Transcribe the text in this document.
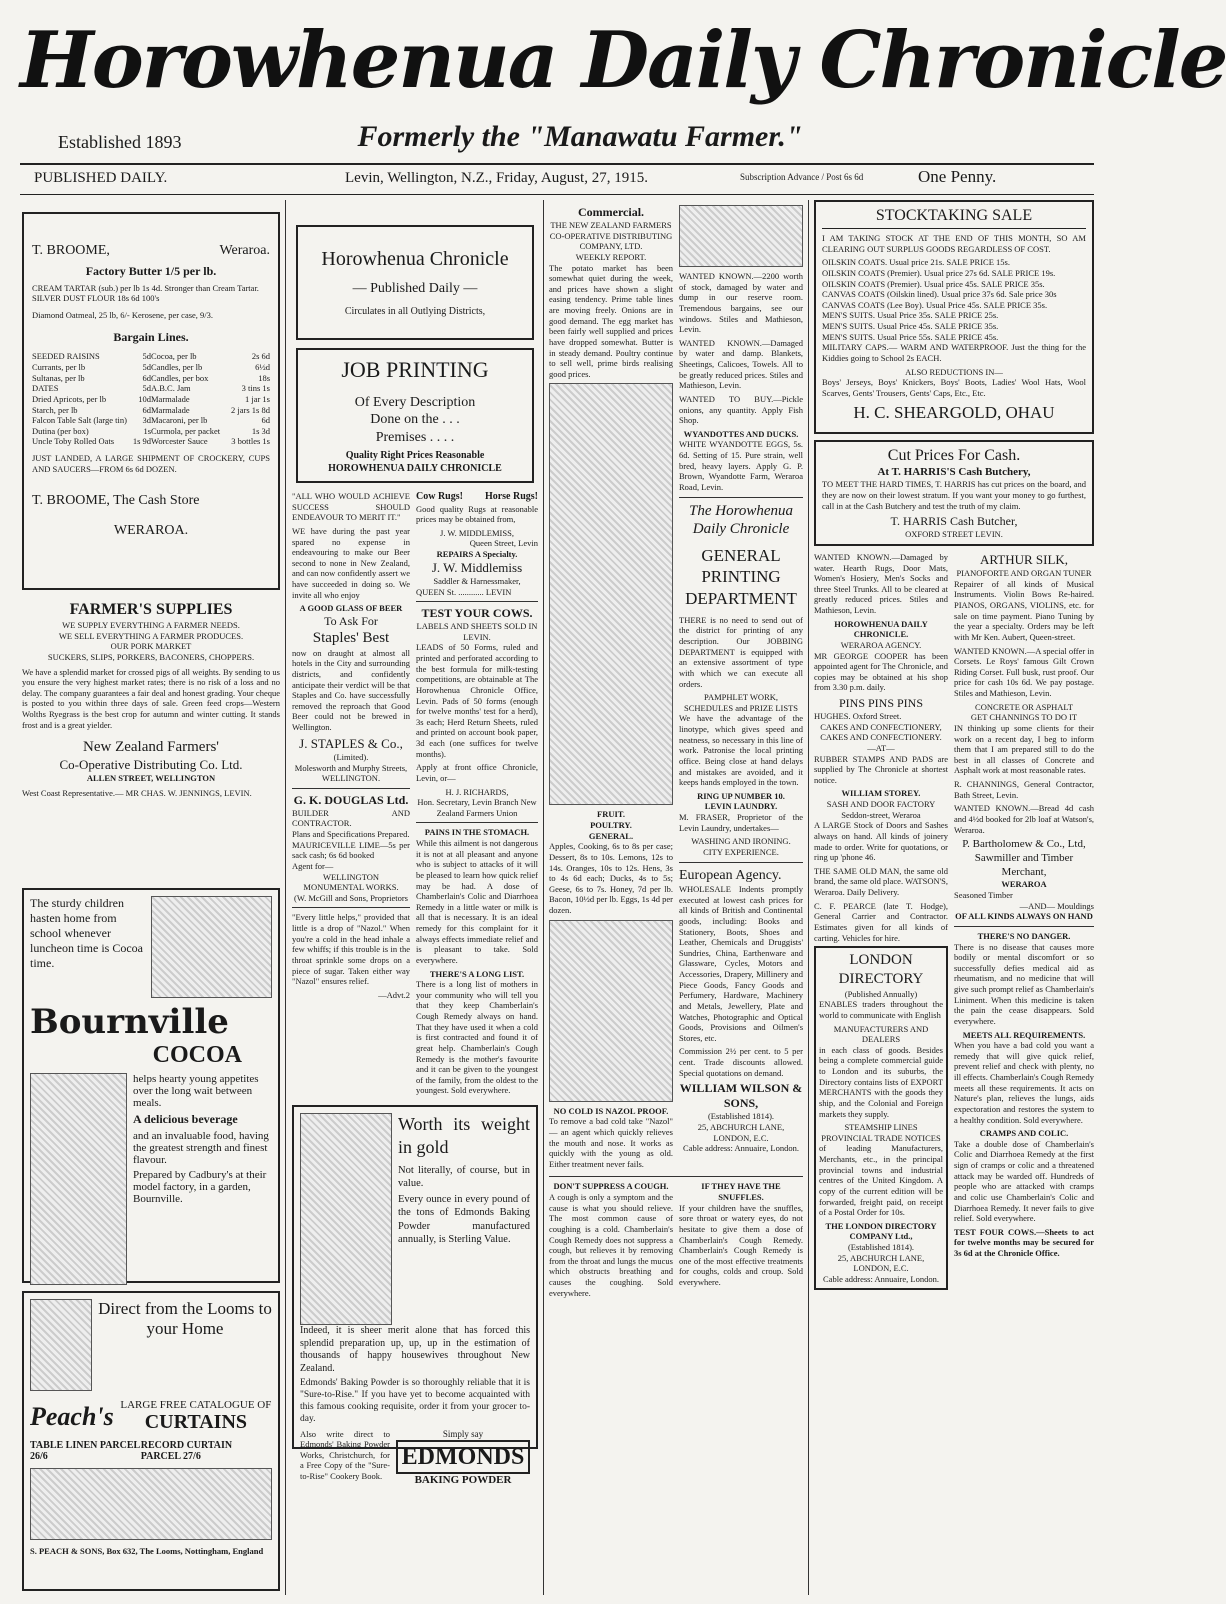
Horowhenua Daily Chronicle
Established 1893	Formerly the "Manawatu Farmer."
PUBLISHED DAILY.	Levin, Wellington, N.Z., Friday, August, 27, 1915.	Subscription Advance / Post 6s 6d	One Penny.
T. BROOME,	Weraroa.
Factory Butter 1/5 per lb.
CREAM TARTAR (sub.) per lb 1s 4d. Stronger than Cream Tartar.
SILVER DUST FLOUR 18s 6d 100's
Diamond Oatmeal, 25 lb, 6/- Kerosene, per case, 9/3.
Bargain Lines.
SEEDED RAISINS	5d Cocoa, per lb	2s 6d
Currants, per lb	5d Candles, per lb	6½d
Sultanas, per lb	6d Candles, per box	18s
DATES	5d A.B.C. Jam	3 tins 1s
Dried Apricots, per lb	10d Marmalade	1 jar 1s
Starch, per lb	6d Marmalade	2 jars 1s 8d
Falcon Table Salt (large tin)	3d Macaroni, per lb	6d
Dutina (per box)	1s Curmola, per packet	1s 3d
Uncle Toby Rolled Oats	1s 9d Worcester Sauce	3 bottles 1s
JUST LANDED, A LARGE SHIPMENT OF CROCKERY, CUPS AND SAUCERS—FROM 6s 6d DOZEN.
T. BROOME, The Cash Store
WERAROA.
FARMER'S SUPPLIES
WE SUPPLY EVERYTHING A FARMER NEEDS.
WE SELL EVERYTHING A FARMER PRODUCES.
OUR PORK MARKET
SUCKERS, SLIPS, PORKERS, BACONERS, CHOPPERS.

We have a splendid market for crossed pigs of all weights. By sending to us you ensure the very highest market rates; there is no risk of a loss and no delay. The company guarantees a fair deal and honest grading. Your cheque is posted to you within three days of sale. Green feed crops—Western Wolths Ryegrass is the best crop for autumn and winter cutting. It stands frost and is a great yielder.

New Zealand Farmers'
Co-Operative Distributing Co. Ltd.
ALLEN STREET, WELLINGTON
West Coast Representative.— MR CHAS. W. JENNINGS, LEVIN.
The sturdy children hasten home from school whenever luncheon time is Cocoa time.
Bournville
COCOA

helps hearty young appetites over the long wait between meals.

A delicious beverage

and an invaluable food, having the greatest strength and finest flavour.

Prepared by Cadbury's at their model factory, in a garden, Bournville.

Direct from the Looms to your Home
Peach's LARGE FREE CATALOGUE OF
CURTAINS
TABLE LINEN PARCEL 26/6
RECORD CURTAIN PARCEL 27/6
S. PEACH & SONS, Box 632, The Looms, Nottingham, England
Horowhenua Chronicle
— Published Daily —
Circulates in all Outlying Districts,
JOB PRINTING
Of Every Description
Done on the . . .
Premises . . . .
Quality Right Prices Reasonable
HOROWHENUA DAILY CHRONICLE

"ALL WHO WOULD ACHIEVE SUCCESS SHOULD ENDEAVOUR TO MERIT IT."

WE have during the past year spared no expense in endeavouring to make our Beer second to none in New Zealand, and can now confidently assert we have succeeded in doing so. We invite all who enjoy

A GOOD GLASS OF BEER
To Ask For
Staples' Best

now on draught at almost all hotels in the City and surrounding districts, and confidently anticipate their verdict will be that Staples and Co. have successfully removed the reproach that Good Beer could not be brewed in Wellington.

J. STAPLES & Co.,
(Limited).
Molesworth and Murphy Streets, WELLINGTON.
G. K. DOUGLAS Ltd.
BUILDER AND CONTRACTOR.
Plans and Specifications Prepared.
MAURICEVILLE LIME—5s per sack cash; 6s 6d booked
Agent for—
WELLINGTON MONUMENTAL WORKS.
(W. McGill and Sons, Proprietors

"Every little helps," provided that little is a drop of "Nazol." When you're a cold in the head inhale a few whiffs; if this trouble is in the throat sprinkle some drops on a piece of sugar. Taken either way "Nazol" ensures relief.

—Advt.2
Cow Rugs! Horse Rugs!

Good quality Rugs at reasonable prices may be obtained from,

J. W. MIDDLEMISS,
Queen Street, Levin
REPAIRS A Specialty.
J. W. Middlemiss
Saddler & Harnessmaker,
QUEEN St. ............ LEVIN
TEST YOUR COWS.
LABELS AND SHEETS SOLD IN LEVIN.

LEADS of 50 Forms, ruled and printed and perforated according to the best formula for milk-testing competitions, are obtainable at The Horowhenua Chronicle Office, Levin. Pads of 50 forms (enough for twelve months' test for a herd), 3s each; Herd Return Sheets, ruled and printed on account book paper, 3d each (one suffices for twelve months).

Apply at front office Chronicle, Levin, or—

H. J. RICHARDS,
Hon. Secretary, Levin Branch New Zealand Farmers Union
PAINS IN THE STOMACH.

While this ailment is not dangerous it is not at all pleasant and anyone who is subject to attacks of it will be pleased to learn how quick relief may be had. A dose of Chamberlain's Colic and Diarrhoea Remedy in a little water or milk is all that is necessary. It is an ideal remedy for this complaint for it always effects immediate relief and is pleasant to take. Sold everywhere.

THERE'S A LONG LIST.

There is a long list of mothers in your community who will tell you that they keep Chamberlain's Cough Remedy always on hand. That they have used it when a cold is first contracted and found it of great help. Chamberlain's Cough Remedy is the mother's favourite and it can be given to the youngest of the family, from the oldest to the youngest. Sold everywhere.

Worth its weight in gold

Not literally, of course, but in value.

Every ounce in every pound of the tons of Edmonds Baking Powder manufactured annually, is Sterling Value.

Indeed, it is sheer merit alone that has forced this splendid preparation up, up, up in the estimation of thousands of happy housewives throughout New Zealand.

Edmonds' Baking Powder is so thoroughly reliable that it is "Sure-to-Rise." If you have yet to become acquainted with this famous cooking requisite, order it from your grocer to-day.

Also write direct to Edmonds' Baking Powder Works, Christchurch, for a Free Copy of the "Sure-to-Rise" Cookery Book.
Simply say
EDMONDS
BAKING POWDER
Commercial.
THE NEW ZEALAND FARMERS CO-OPERATIVE DISTRIBUTING COMPANY, LTD.
WEEKLY REPORT.

The potato market has been somewhat quiet during the week, and prices have shown a slight easing tendency. Prime table lines are moving freely. Onions are in good demand. The egg market has been fairly well supplied and prices have dropped somewhat. Butter is in steady demand. Poultry continue to sell well, prime birds realising good prices.

FRUIT.
POULTRY.
GENERAL.

Apples, Cooking, 6s to 8s per case; Dessert, 8s to 10s. Lemons, 12s to 14s. Oranges, 10s to 12s. Hens, 3s to 4s 6d each; Ducks, 4s to 5s; Geese, 6s to 7s. Honey, 7d per lb. Bacon, 10½d per lb. Eggs, 1s 4d per dozen.

NO COLD IS NAZOL PROOF.

To remove a bad cold take "Nazol" — an agent which quickly relieves the mouth and nose. It works as quickly with the young as old. Either treatment never fails.

WANTED KNOWN.—2200 worth of stock, damaged by water and dump in our reserve room. Tremendous bargains, see our windows. Stiles and Mathieson, Levin.

WANTED KNOWN.—Damaged by water and damp. Blankets, Sheetings, Calicoes, Towels. All to be greatly reduced prices. Stiles and Mathieson, Levin.

WANTED TO BUY.—Pickle onions, any quantity. Apply Fish Shop.

WYANDOTTES AND DUCKS.

WHITE WYANDOTTE EGGS, 5s. 6d. Setting of 15. Pure strain, well bred, heavy layers. Apply G. P. Brown, Wyandotte Farm, Weraroa Road, Levin.

The Horowhenua Daily Chronicle
GENERAL PRINTING DEPARTMENT

THERE is no need to send out of the district for printing of any description. Our JOBBING DEPARTMENT is equipped with an extensive assortment of type with which we can execute all orders.

PAMPHLET WORK, SCHEDULES and PRIZE LISTS

We have the advantage of the linotype, which gives speed and neatness, so necessary in this line of work. Patronise the local printing office. Being close at hand delays and mistakes are avoided, and it keeps hands employed in the town.

RING UP NUMBER 10.
LEVIN LAUNDRY.

M. FRASER, Proprietor of the Levin Laundry, undertakes—

WASHING AND IRONING.
CITY EXPERIENCE.
European Agency.

WHOLESALE Indents promptly executed at lowest cash prices for all kinds of British and Continental goods, including: Books and Stationery, Boots, Shoes and Leather, Chemicals and Druggists' Sundries, China, Earthenware and Glassware, Cycles, Motors and Accessories, Drapery, Millinery and Piece Goods, Fancy Goods and Perfumery, Hardware, Machinery and Metals, Jewellery, Plate and Watches, Photographic and Optical Goods, Provisions and Oilmen's Stores, etc.

Commission 2½ per cent. to 5 per cent. Trade discounts allowed. Special quotations on demand.

WILLIAM WILSON & SONS,
(Established 1814).
25, ABCHURCH LANE, LONDON, E.C.
Cable address: Annuaire, London.
DON'T SUPPRESS A COUGH.

A cough is only a symptom and the cause is what you should relieve. The most common cause of coughing is a cold. Chamberlain's Cough Remedy does not suppress a cough, but relieves it by removing from the throat and lungs the mucus which obstructs breathing and causes the coughing. Sold everywhere.

IF THEY HAVE THE SNUFFLES.

If your children have the snuffles, sore throat or watery eyes, do not hesitate to give them a dose of Chamberlain's Cough Remedy. Chamberlain's Cough Remedy is one of the most effective treatments for coughs, colds and croup. Sold everywhere.

STOCKTAKING SALE

I AM TAKING STOCK AT THE END OF THIS MONTH, SO AM CLEARING OUT SURPLUS GOODS REGARDLESS OF COST.

OILSKIN COATS. Usual price 21s. SALE PRICE 15s.
OILSKIN COATS (Premier). Usual price 27s 6d. SALE PRICE 19s.
OILSKIN COATS (Premier). Usual price 45s. SALE PRICE 35s.
CANVAS COATS (Oilskin lined). Usual price 37s 6d. Sale price 30s
CANVAS COATS (Lee Boy). Usual Price 45s. SALE PRICE 35s.
MEN'S SUITS. Usual Price 35s. SALE PRICE 25s.
MEN'S SUITS. Usual Price 45s. SALE PRICE 35s.
MEN'S SUITS. Usual Price 55s. SALE PRICE 45s.

MILITARY CAPS.— WARM AND WATERPROOF. Just the thing for the Kiddies going to School 2s EACH.

ALSO REDUCTIONS IN—

Boys' Jerseys, Boys' Knickers, Boys' Boots, Ladies' Wool Hats, Wool Scarves, Gents' Trousers, Gents' Caps, Etc., Etc.

H. C. SHEARGOLD, OHAU
Cut Prices For Cash.
At T. HARRIS'S Cash Butchery,

TO MEET THE HARD TIMES, T. HARRIS has cut prices on the board, and they are now on their lowest stratum. If you want your money to go furthest, call in at the Cash Butchery and test the truth of my claim.

T. HARRIS Cash Butcher,
OXFORD STREET LEVIN.

WANTED KNOWN.—Damaged by water. Hearth Rugs, Door Mats, Women's Hosiery, Men's Socks and three Steel Trunks. All to be cleared at greatly reduced prices. Stiles and Mathieson, Levin.

HOROWHENUA DAILY CHRONICLE.
WERAROA AGENCY.

MR GEORGE COOPER has been appointed agent for The Chronicle, and copies may be obtained at his shop from 3.30 p.m. daily.

PINS PINS PINS
HUGHES. Oxford Street.
CAKES AND CONFECTIONERY, CAKES AND CONFECTIONERY.
—AT—

RUBBER STAMPS AND PADS are supplied by The Chronicle at shortest notice.

WILLIAM STOREY.
SASH AND DOOR FACTORY
Seddon-street, Weraroa

A LARGE Stock of Doors and Sashes always on hand. All kinds of joinery made to order. Write for quotations, or ring up 'phone 46.

THE SAME OLD MAN, the same old brand, the same old place. WATSON'S, Weraroa. Daily Delivery.

C. F. PEARCE (late T. Hodge), General Carrier and Contractor. Estimates given for all kinds of carting. Vehicles for hire.

LONDON DIRECTORY
(Published Annually)

ENABLES traders throughout the world to communicate with English

MANUFACTURERS AND DEALERS

in each class of goods. Besides being a complete commercial guide to London and its suburbs, the Directory contains lists of EXPORT MERCHANTS with the goods they ship, and the Colonial and Foreign markets they supply.

STEAMSHIP LINES
PROVINCIAL TRADE NOTICES

of leading Manufacturers, Merchants, etc., in the principal provincial towns and industrial centres of the United Kingdom. A copy of the current edition will be forwarded, freight paid, on receipt of a Postal Order for 10s.

THE LONDON DIRECTORY COMPANY Ltd.,
(Established 1814).
25, ABCHURCH LANE, LONDON, E.C.
Cable address: Annuaire, London.
ARTHUR SILK,
PIANOFORTE AND ORGAN TUNER

Repairer of all kinds of Musical Instruments. Violin Bows Re-haired. PIANOS, ORGANS, VIOLINS, etc. for sale on time payment. Piano Tuning by the year a specialty. Orders may be left with Mr Ken. Aubert, Queen-street.

WANTED KNOWN.—A special offer in Corsets. Le Roys' famous Gilt Crown Riding Corset. Full busk, rust proof. Our price for cash 10s 6d. We pay postage. Stiles and Mathieson, Levin.

CONCRETE OR ASPHALT
GET CHANNINGS TO DO IT

IN thinking up some clients for their work on a recent day, I beg to inform them that I am prepared still to do the best in all classes of Concrete and Asphalt work at most reasonable rates.

R. CHANNINGS, General Contractor, Bath Street, Levin.

WANTED KNOWN.—Bread 4d cash and 4½d booked for 2lb loaf at Watson's, Weraroa.

P. Bartholomew & Co., Ltd,
Sawmiller and Timber Merchant,
WERAROA
Seasoned Timber
—AND— Mouldings
OF ALL KINDS ALWAYS ON HAND
THERE'S NO DANGER.

There is no disease that causes more bodily or mental discomfort or so successfully defies medical aid as rheumatism, and no medicine that will give such prompt relief as Chamberlain's Liniment. When this medicine is taken the pain the cease disappears. Sold everywhere.

MEETS ALL REQUIREMENTS.

When you have a bad cold you want a remedy that will give quick relief, prevent relief and check with plenty, no ill effects. Chamberlain's Cough Remedy meets all these requirements. It acts on Nature's plan, relieves the lungs, aids expectoration and restores the system to a healthy condition. Sold everywhere.

CRAMPS AND COLIC.

Take a double dose of Chamberlain's Colic and Diarrhoea Remedy at the first sign of cramps or colic and a threatened attack may be warded off. Hundreds of people who are attacked with cramps and colic use Chamberlain's Colic and Diarrhoea Remedy. It never fails to give relief. Sold everywhere.

TEST FOUR COWS.—Sheets to act for twelve months may be secured for 3s 6d at the Chronicle Office.
